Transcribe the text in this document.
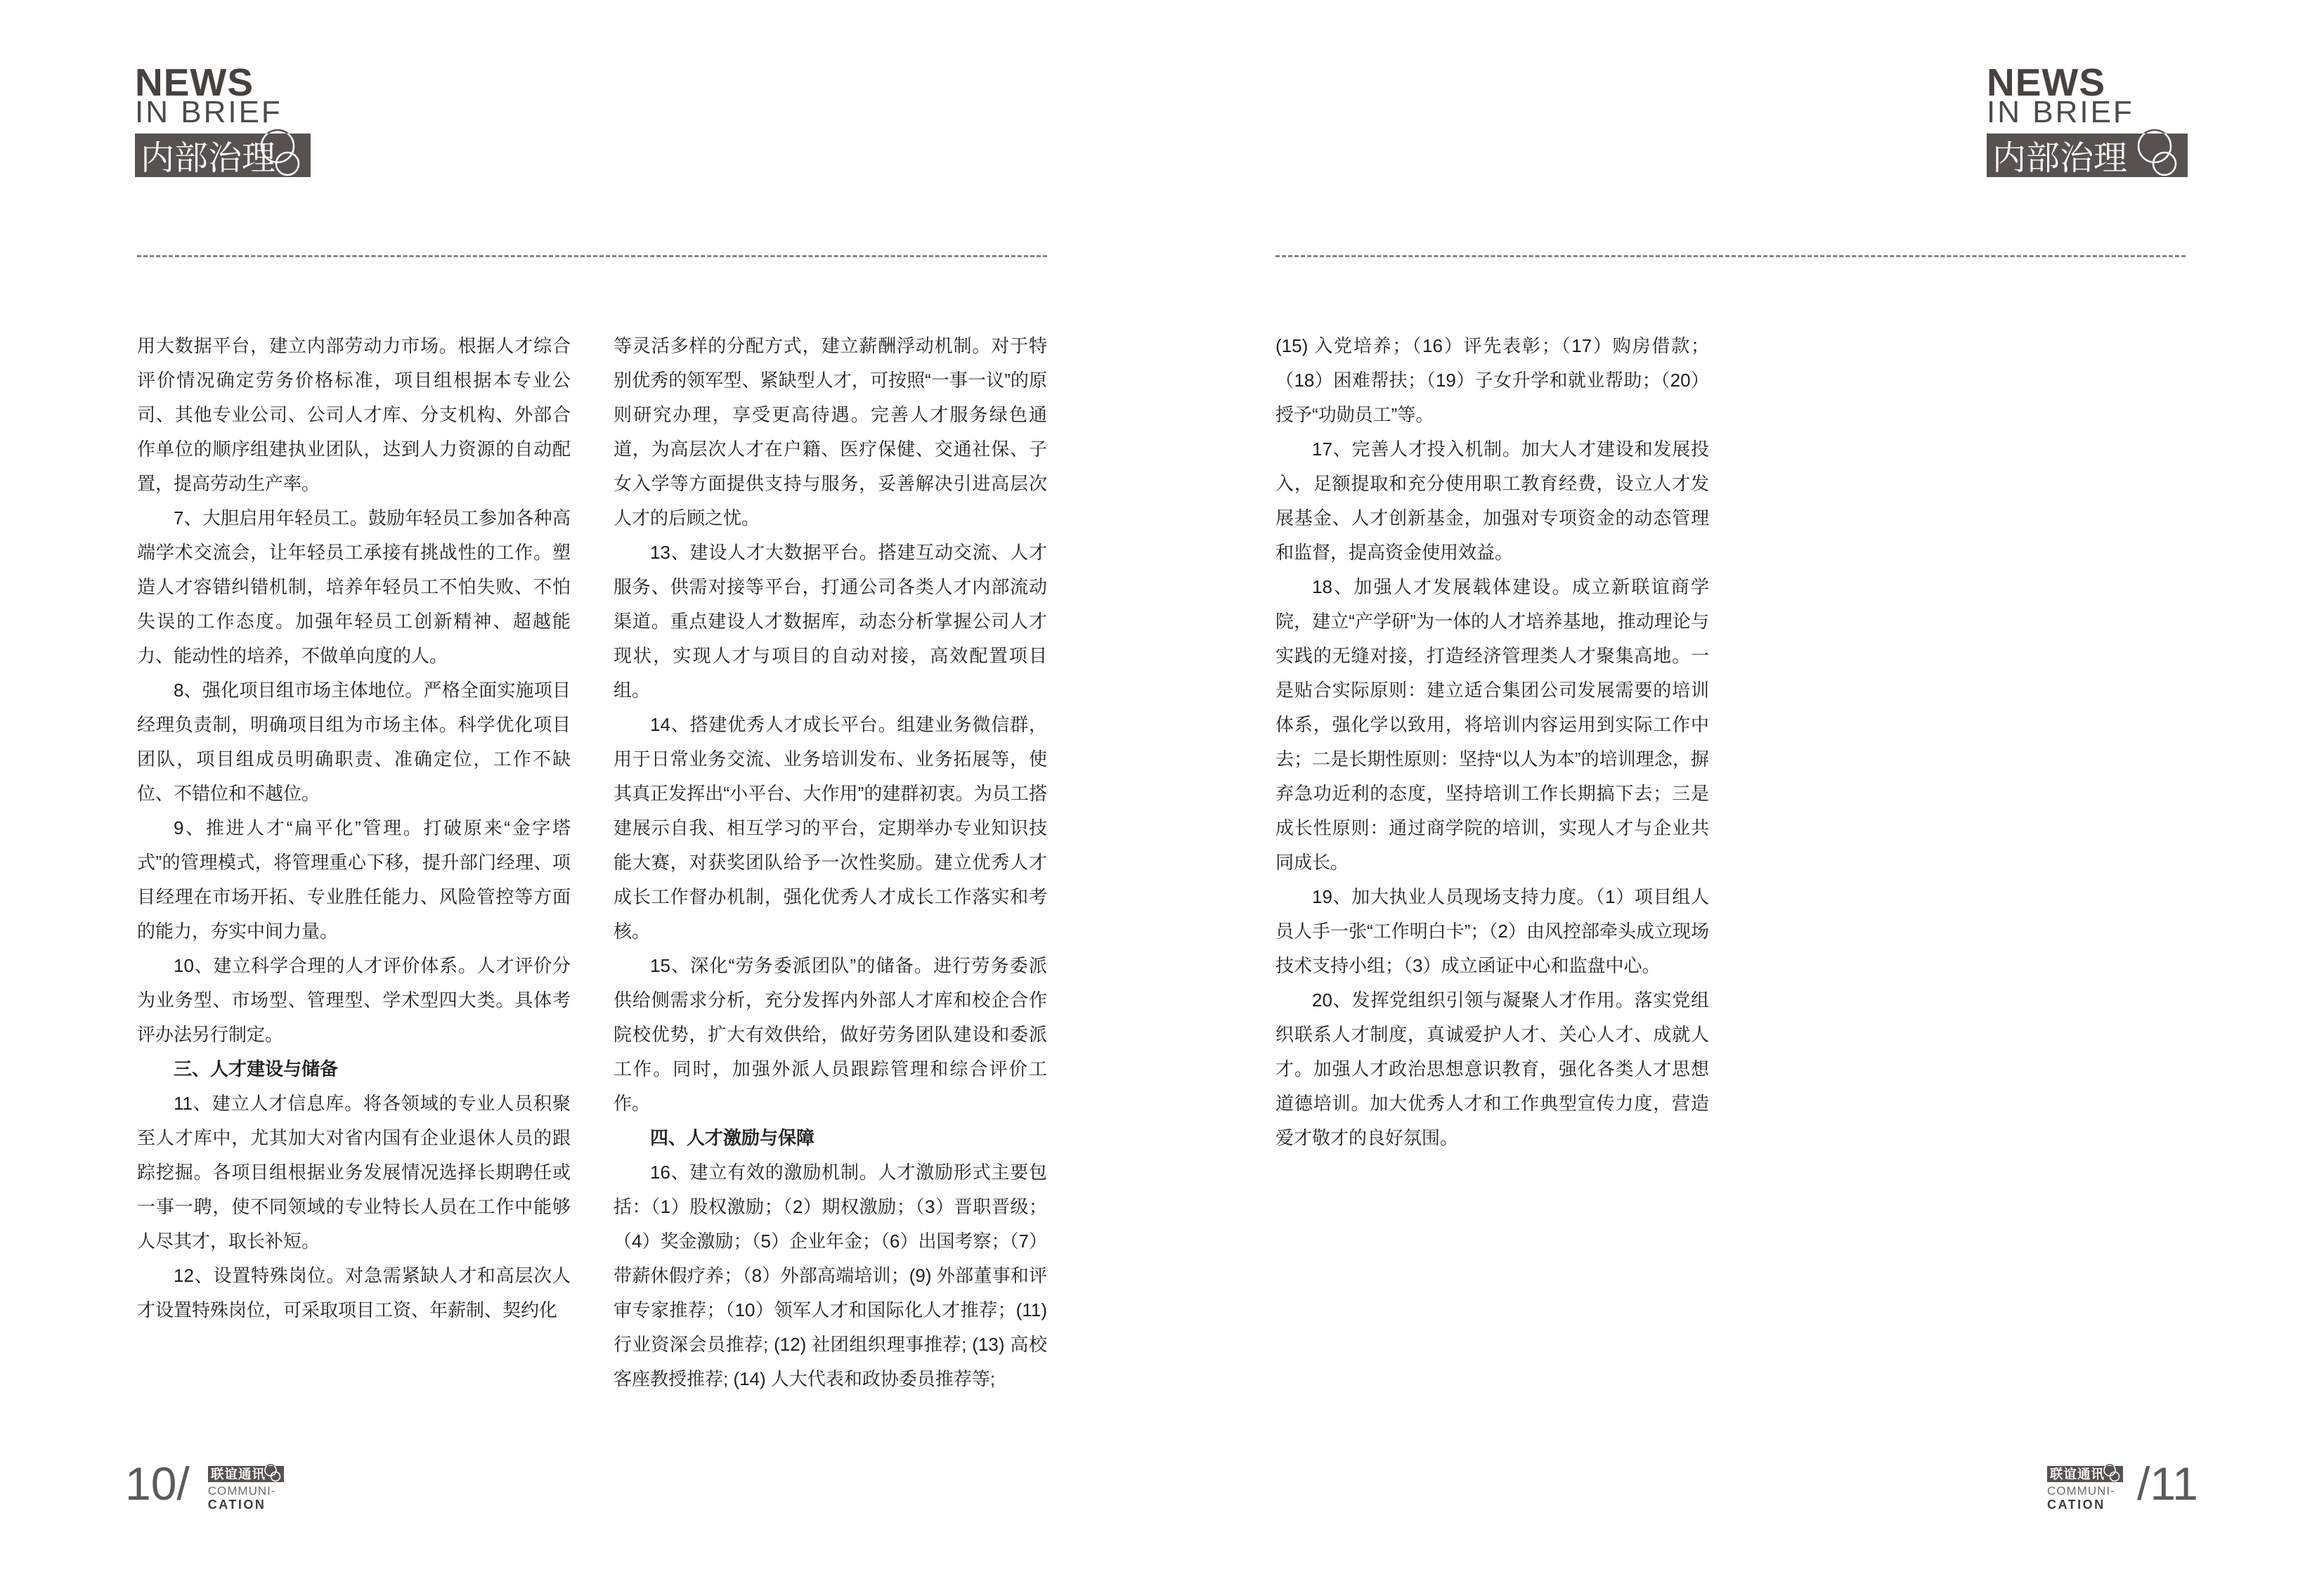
NEWS
IN BRIEF
内部治理
NEWS
IN BRIEF
内部治理

用大数据平台，建立内部劳动力市场。根据人才综合评价情况确定劳务价格标准，项目组根据本专业公司、其他专业公司、公司人才库、分支机构、外部合作单位的顺序组建执业团队，达到人力资源的自动配置，提高劳动生产率。

7、大胆启用年轻员工。鼓励年轻员工参加各种高端学术交流会，让年轻员工承接有挑战性的工作。塑造人才容错纠错机制，培养年轻员工不怕失败、不怕失误的工作态度。加强年轻员工创新精神、超越能力、能动性的培养，不做单向度的人。

8、强化项目组市场主体地位。严格全面实施项目经理负责制，明确项目组为市场主体。科学优化项目团队，项目组成员明确职责、准确定位，工作不缺位、不错位和不越位。

9、推进人才“扁平化”管理。打破原来“金字塔式”的管理模式，将管理重心下移，提升部门经理、项目经理在市场开拓、专业胜任能力、风险管控等方面的能力，夯实中间力量。

10、建立科学合理的人才评价体系。人才评价分为业务型、市场型、管理型、学术型四大类。具体考评办法另行制定。

三、人才建设与储备

11、建立人才信息库。将各领域的专业人员积聚至人才库中，尤其加大对省内国有企业退休人员的跟踪挖掘。各项目组根据业务发展情况选择长期聘任或一事一聘，使不同领域的专业特长人员在工作中能够人尽其才，取长补短。

12、设置特殊岗位。对急需紧缺人才和高层次人才设置特殊岗位，可采取项目工资、年薪制、契约化

等灵活多样的分配方式，建立薪酬浮动机制。对于特别优秀的领军型、紧缺型人才，可按照“一事一议”的原则研究办理，享受更高待遇。完善人才服务绿色通道，为高层次人才在户籍、医疗保健、交通社保、子女入学等方面提供支持与服务，妥善解决引进高层次人才的后顾之忧。

13、建设人才大数据平台。搭建互动交流、人才服务、供需对接等平台，打通公司各类人才内部流动渠道。重点建设人才数据库，动态分析掌握公司人才现状，实现人才与项目的自动对接，高效配置项目组。

14、搭建优秀人才成长平台。组建业务微信群，用于日常业务交流、业务培训发布、业务拓展等，使其真正发挥出“小平台、大作用”的建群初衷。为员工搭建展示自我、相互学习的平台，定期举办专业知识技能大赛，对获奖团队给予一次性奖励。建立优秀人才成长工作督办机制，强化优秀人才成长工作落实和考核。

15、深化“劳务委派团队”的储备。进行劳务委派供给侧需求分析，充分发挥内外部人才库和校企合作院校优势，扩大有效供给，做好劳务团队建设和委派工作。同时，加强外派人员跟踪管理和综合评价工作。

四、人才激励与保障

16、建立有效的激励机制。人才激励形式主要包括：（1）股权激励；（2）期权激励；（3）晋职晋级；（4）奖金激励；（5）企业年金；（6）出国考察；（7）带薪休假疗养；（8）外部高端培训；(9) 外部董事和评审专家推荐；（10）领军人才和国际化人才推荐；(11) 行业资深会员推荐; (12) 社团组织理事推荐; (13) 高校客座教授推荐; (14) 人大代表和政协委员推荐等;

(15) 入党培养；（16）评先表彰；（17）购房借款；（18）困难帮扶；（19）子女升学和就业帮助；（20）授予“功勋员工”等。

17、完善人才投入机制。加大人才建设和发展投入，足额提取和充分使用职工教育经费，设立人才发展基金、人才创新基金，加强对专项资金的动态管理和监督，提高资金使用效益。

18、加强人才发展载体建设。成立新联谊商学院，建立“产学研”为一体的人才培养基地，推动理论与实践的无缝对接，打造经济管理类人才聚集高地。一是贴合实际原则：建立适合集团公司发展需要的培训体系，强化学以致用，将培训内容运用到实际工作中去；二是长期性原则：坚持“以人为本”的培训理念，摒弃急功近利的态度，坚持培训工作长期搞下去；三是成长性原则：通过商学院的培训，实现人才与企业共同成长。

19、加大执业人员现场支持力度。（1）项目组人员人手一张“工作明白卡”；（2）由风控部牵头成立现场技术支持小组；（3）成立函证中心和监盘中心。

20、发挥党组织引领与凝聚人才作用。落实党组织联系人才制度，真诚爱护人才、关心人才、成就人才。加强人才政治思想意识教育，强化各类人才思想道德培训。加大优秀人才和工作典型宣传力度，营造爱才敬才的良好氛围。

10/ 联谊通讯
COMMUNI-
CATION
联谊通讯
COMMUNI-
CATION /11
